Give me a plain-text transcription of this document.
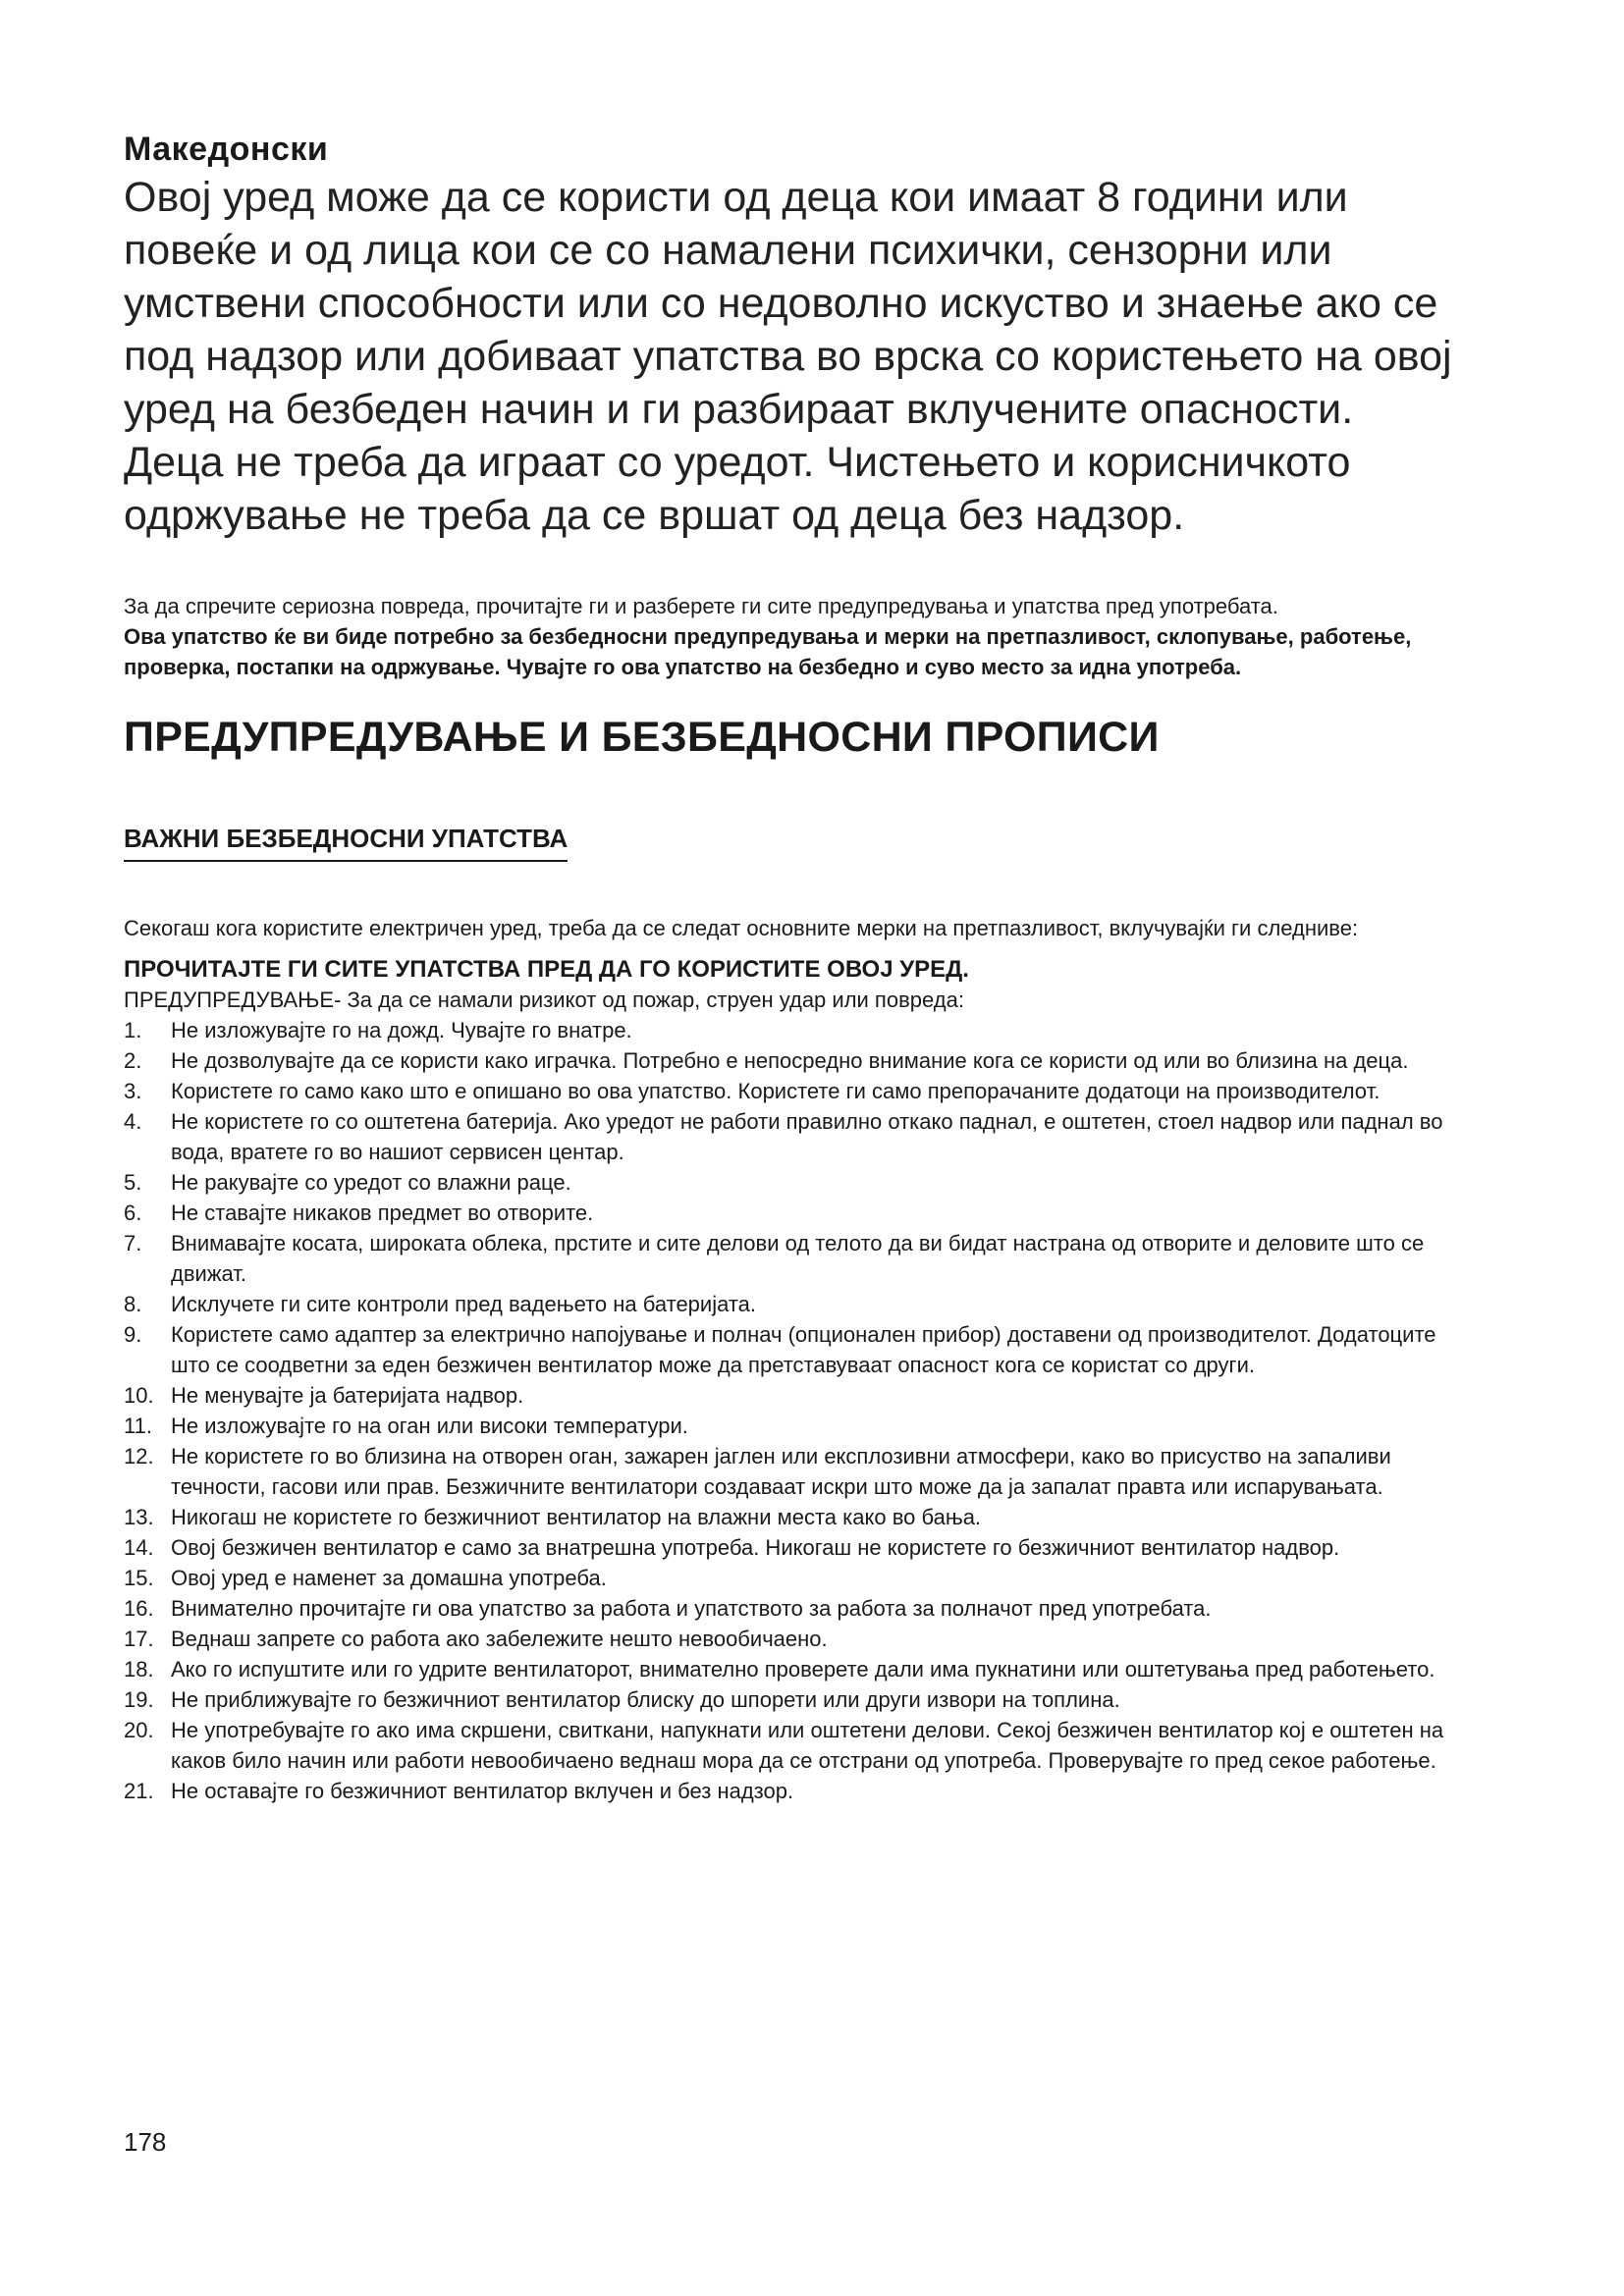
Македонски

Овој уред може да се користи од деца кои имаат 8 години или повеќе и од лица кои се со намалени психички, сензорни или умствени способности или со недоволно искуство и знаење ако се под надзор или добиваат упатства во врска со користењето на овој уред на безбеден начин и ги разбираат вклучените опасности. Деца не треба да играат со уредот. Чистењето и корисничкото одржување не треба да се вршат од деца без надзор.

За да спречите сериозна повреда, прочитајте ги и разберете ги сите предупредувања и упатства пред употребата.

Ова упатство ќе ви биде потребно за безбедносни предупредувања и мерки на претпазливост, склопување, работење, проверка, постапки на одржување. Чувајте го ова упатство на безбедно и суво место за идна употреба.

ПРЕДУПРЕДУВАЊЕ И БЕЗБЕДНОСНИ ПРОПИСИ
ВАЖНИ БЕЗБЕДНОСНИ УПАТСТВА

Секогаш кога користите електричен уред, треба да се следат основните мерки на претпазливост, вклучувајќи ги следниве:

ПРОЧИТАЈТЕ ГИ СИТЕ УПАТСТВА ПРЕД ДА ГО КОРИСТИТЕ ОВОЈ УРЕД.

ПРЕДУПРЕДУВАЊЕ- За да се намали ризикот од пожар, струен удар или повреда:

1.	Не изложувајте го на дожд. Чувајте го внатре.
2.	Не дозволувајте да се користи како играчка. Потребно е непосредно внимание кога се користи од или во близина на деца.
3.	Користете го само како што е опишано во ова упатство. Користете ги само препорачаните додатоци на производителот.
4.	Не користете го со оштетена батерија. Ако уредот не работи правилно откако паднал, е оштетен, стоел надвор или паднал во вода, вратете го во нашиот сервисен центар.
5.	Не ракувајте со уредот со влажни раце.
6.	Не ставајте никаков предмет во отворите.
7.	Внимавајте косата, широката облека, прстите и сите делови од телото да ви бидат настрана од отворите и деловите што се движат.
8.	Исклучете ги сите контроли пред вадењето на батеријата.
9.	Користете само адаптер за електрично напојување и полнач (опционален прибор) доставени од производителот. Додатоците што се соодветни за еден безжичен вентилатор може да претставуваат опасност кога се користат со други.
10. Не менувајте ја батеријата надвор.
11. Не изложувајте го на оган или високи температури.
12. Не користете го во близина на отворен оган, зажарен јаглен или експлозивни атмосфери, како во присуство на запаливи течности, гасови или прав. Безжичните вентилатори создаваат искри што може да ја запалат правта или испарувањата.
13. Никогаш не користете го безжичниот вентилатор на влажни места како во бања.
14. Овој безжичен вентилатор е само за внатрешна употреба. Никогаш не користете го безжичниот вентилатор надвор.
15. Овој уред е наменет за домашна употреба.
16. Внимателно прочитајте ги ова упатство за работа и упатството за работа за полначот пред употребата.
17. Веднаш запрете со работа ако забележите нешто невообичаено.
18. Ако го испуштите или го удрите вентилаторот, внимателно проверете дали има пукнатини или оштетувања пред работењето.
19. Не приближувајте го безжичниот вентилатор блиску до шпорети или други извори на топлина.
20. Не употребувајте го ако има скршени, свиткани, напукнати или оштетени делови. Секој безжичен вентилатор кој е оштетен на каков било начин или работи невообичаено веднаш мора да се отстрани од употреба. Проверувајте го пред секое работење.
21. Не оставајте го безжичниот вентилатор вклучен и без надзор.
178
